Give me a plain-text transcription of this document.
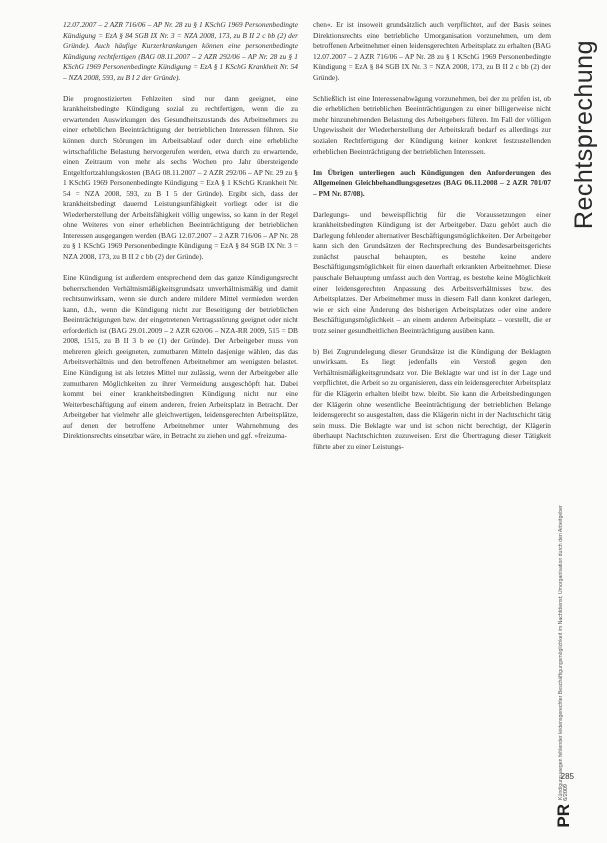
12.07.2007 – 2 AZR 716/06 – AP Nr. 28 zu § 1 KSchG 1969 Personenbedingte Kündigung = EzA § 84 SGB IX Nr. 3 = NZA 2008, 173, zu B II 2 c bb (2) der Gründe). Auch häufige Kurzerkrankungen können eine personenbedingte Kündigung rechtfertigen (BAG 08.11.2007 – 2 AZR 292/06 – AP Nr. 28 zu § 1 KSchG 1969 Personenbedingte Kündigung = EzA § 1 KSchG Krankheit Nr. 54 – NZA 2008, 593, zu B I 2 der Gründe).

Die prognostizierten Fehlzeiten sind nur dann geeignet, eine krankheitsbedingte Kündigung sozial zu rechtfertigen, wenn die zu erwartenden Auswirkungen des Gesundheitszustands des Arbeitnehmers zu einer erheblichen Beeinträchtigung der betrieblichen Interessen führen. Sie können durch Störungen im Arbeitsablauf oder durch eine erhebliche wirtschaftliche Belastung hervorgerufen werden, etwa durch zu erwartende, einen Zeitraum von mehr als sechs Wochen pro Jahr übersteigende Entgeltfortzahlungskosten (BAG 08.11.2007 – 2 AZR 292/06 – AP Nr. 29 zu § 1 KSchG 1969 Personenbedingte Kündigung = EzA § 1 KSchG Krankheit Nr. 54 = NZA 2008, 593, zu B I 5 der Gründe). Ergibt sich, dass der krankheitsbedingt dauernd Leistungsunfähigkeit vorliegt oder ist die Wiederherstellung der Arbeitsfähigkeit völlig ungewiss, so kann in der Regel ohne Weiteres von einer erheblichen Beeinträchtigung der betrieblichen Interessen ausgegangen werden (BAG 12.07.2007 – 2 AZR 716/06 – AP Nr. 28 zu § 1 KSchG 1969 Personenbedingte Kündigung = EzA § 84 SGB IX Nr. 3 = NZA 2008, 173, zu B II 2 c bb (2) der Gründe).

Eine Kündigung ist außerdem entsprechend dem das ganze Kündigungsrecht beherrschenden Verhältnismäßigkeitsgrundsatz unverhältnismäßig und damit rechtsunwirksam, wenn sie durch andere mildere Mittel vermieden werden kann, d.h., wenn die Kündigung nicht zur Beseitigung der betrieblichen Beeinträchtigungen bzw. der eingetretenen Vertragsstörung geeignet oder nicht erforderlich ist (BAG 29.01.2009 – 2 AZR 620/06 – NZA-RR 2009, 515 = DB 2008, 1515, zu B II 3 b ee (1) der Gründe). Der Arbeitgeber muss von mehreren gleich geeigneten, zumutbaren Mitteln dasjenige wählen, das das Arbeitsverhältnis und den betroffenen Arbeitnehmer am wenigsten belastet. Eine Kündigung ist als letztes Mittel nur zulässig, wenn der Arbeitgeber alle zumutbaren Möglichkeiten zu ihrer Vermeidung ausgeschöpft hat. Dabei kommt bei einer krankheitsbedingten Kündigung nicht nur eine Weiterbeschäftigung auf einem anderen, freien Arbeitsplatz in Betracht. Der Arbeitgeber hat vielmehr alle gleichwertigen, leidensgerechten Arbeitsplätze, auf denen der betroffene Arbeitnehmer unter Wahrnehmung des Direktionsrechts einsetzbar wäre, in Betracht zu ziehen und ggf. »freizuma-

chen«. Er ist insoweit grundsätzlich auch verpflichtet, auf der Basis seines Direktionsrechts eine betriebliche Umorganisation vorzunehmen, um dem betroffenen Arbeitnehmer einen leidensgerechten Arbeitsplatz zu erhalten (BAG 12.07.2007 – 2 AZR 716/06 – AP Nr. 28 zu § 1 KSchG 1969 Personenbedingte Kündigung = EzA § 84 SGB IX Nr. 3 = NZA 2008, 173, zu B II 2 c bb (2) der Gründe).

Schließlich ist eine Interessenabwägung vorzunehmen, bei der zu prüfen ist, ob die erheblichen betrieblichen Beeinträchtigungen zu einer billigerweise nicht mehr hinzunehmenden Belastung des Arbeitgebers führen. Im Fall der völligen Ungewissheit der Wiederherstellung der Arbeitskraft bedarf es allerdings zur sozialen Rechtfertigung der Kündigung keiner konkret festzustellenden erheblichen Beeinträchtigung der betrieblichen Interessen.

Im Übrigen unterliegen auch Kündigungen den Anforderungen des Allgemeinen Gleichbehandlungsgesetzes (BAG 06.11.2008 – 2 AZR 701/07 – PM Nr. 87/08).

Darlegungs- und beweispflichtig für die Voraussetzungen einer krankheitsbedingten Kündigung ist der Arbeitgeber. Dazu gehört auch die Darlegung fehlender alternativer Beschäftigungsmöglichkeiten. Der Arbeitgeber kann sich den Grundsätzen der Rechtsprechung des Bundesarbeitsgerichts zunächst pauschal behaupten, es bestehe keine andere Beschäftigungsmöglichkeit für einen dauerhaft erkrankten Arbeitnehmer. Diese pauschale Behauptung umfasst auch den Vortrag, es bestehe keine Möglichkeit einer leidensgerechten Anpassung des Arbeitsverhältnisses bzw. des Arbeitsplatzes. Der Arbeitnehmer muss in diesem Fall dann konkret darlegen, wie er sich eine Änderung des bisherigen Arbeitsplatzes oder eine andere Beschäftigungsmöglichkeit – an einem anderen Arbeitsplatz – vorstellt, die er trotz seiner gesundheitlichen Beeinträchtigung ausüben kann.

b) Bei Zugrundelegung dieser Grundsätze ist die Kündigung der Beklagten unwirksam. Es liegt jedenfalls ein Verstoß gegen den Verhältnismäßigkeitsgrundsatz vor. Die Beklagte war und ist in der Lage und verpflichtet, die Arbeit so zu organisieren, dass ein leidensgerechter Arbeitsplatz für die Klägerin erhalten bleibt bzw. bleibt. Sie kann die Arbeitsbedingungen der Klägerin ohne wesentliche Beeinträchtigung der betrieblichen Belange leidensgerecht so ausgestalten, dass die Klägerin nicht in der Nachtschicht tätig sein muss. Die Beklagte war und ist schon nicht berechtigt, der Klägerin überhaupt Nachtschichten zuzuweisen. Erst die Übertragung dieser Tätigkeit führte aber zu einer Leistungs-

Rechtsprechung
Kündigung wegen fehlender leidensgerechter Beschäftigungsmöglichkeit im Nachtdienst; Umorganisation durch den Arbeitgeber 6/2009
PR
285
